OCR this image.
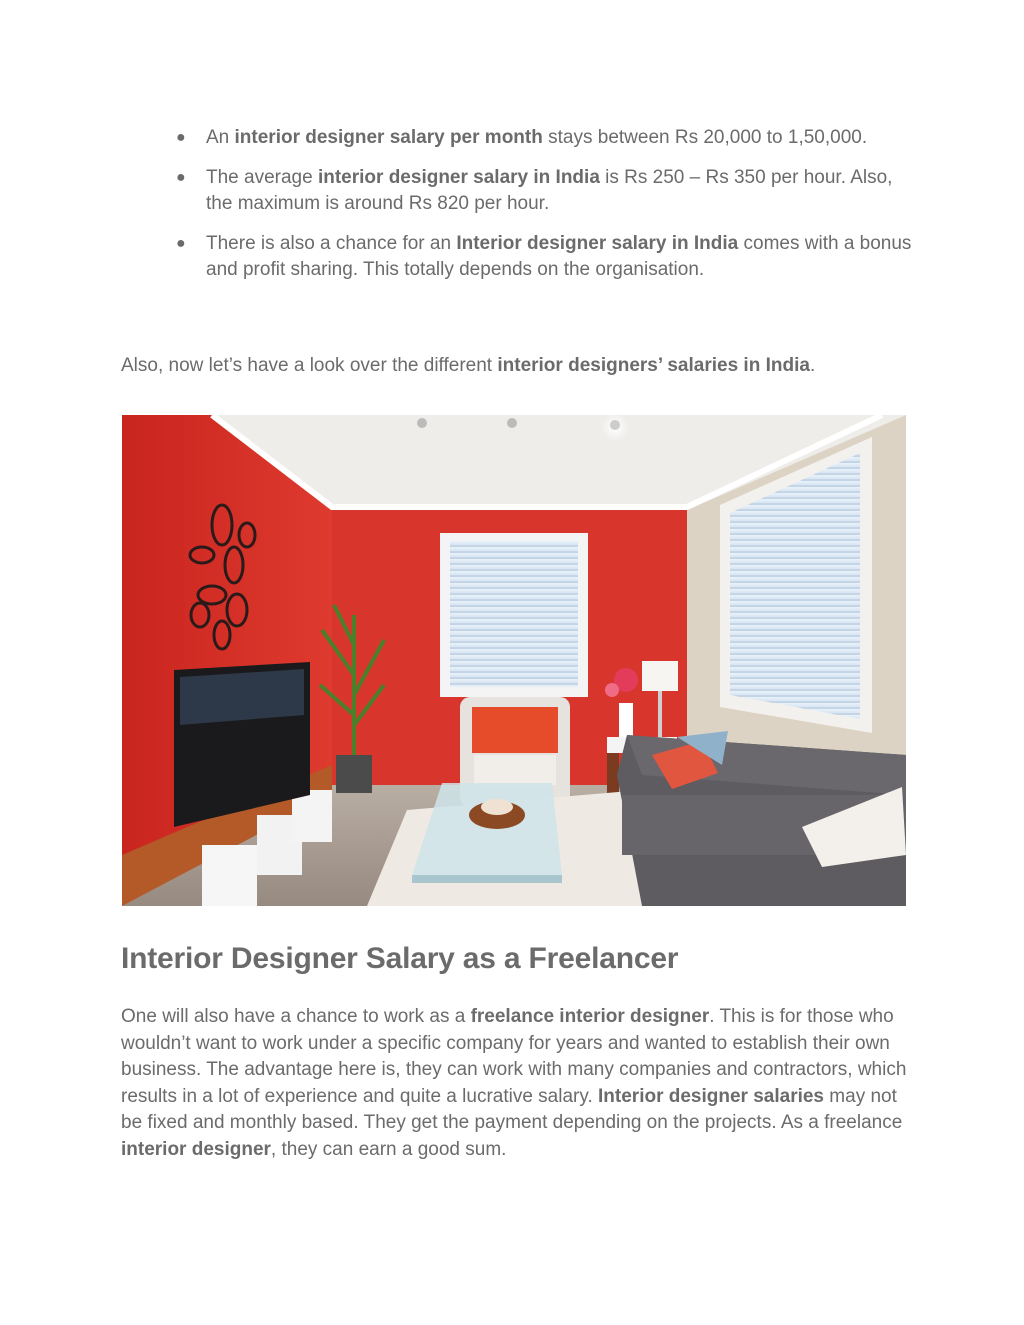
● An interior designer salary per month stays between Rs 20,000 to 1,50,000.
● The average interior designer salary in India is Rs 250 – Rs 350 per hour. Also, the maximum is around Rs 820 per hour.
● There is also a chance for an Interior designer salary in India comes with a bonus and profit sharing. This totally depends on the organisation.

Also, now let’s have a look over the different interior designers’ salaries in India.

Interior Designer Salary as a Freelancer

One will also have a chance to work as a freelance interior designer. This is for those who wouldn’t want to work under a specific company for years and wanted to establish their own business. The advantage here is, they can work with many companies and contractors, which results in a lot of experience and quite a lucrative salary. Interior designer salaries may not be fixed and monthly based. They get the payment depending on the projects. As a freelance interior designer, they can earn a good sum.
